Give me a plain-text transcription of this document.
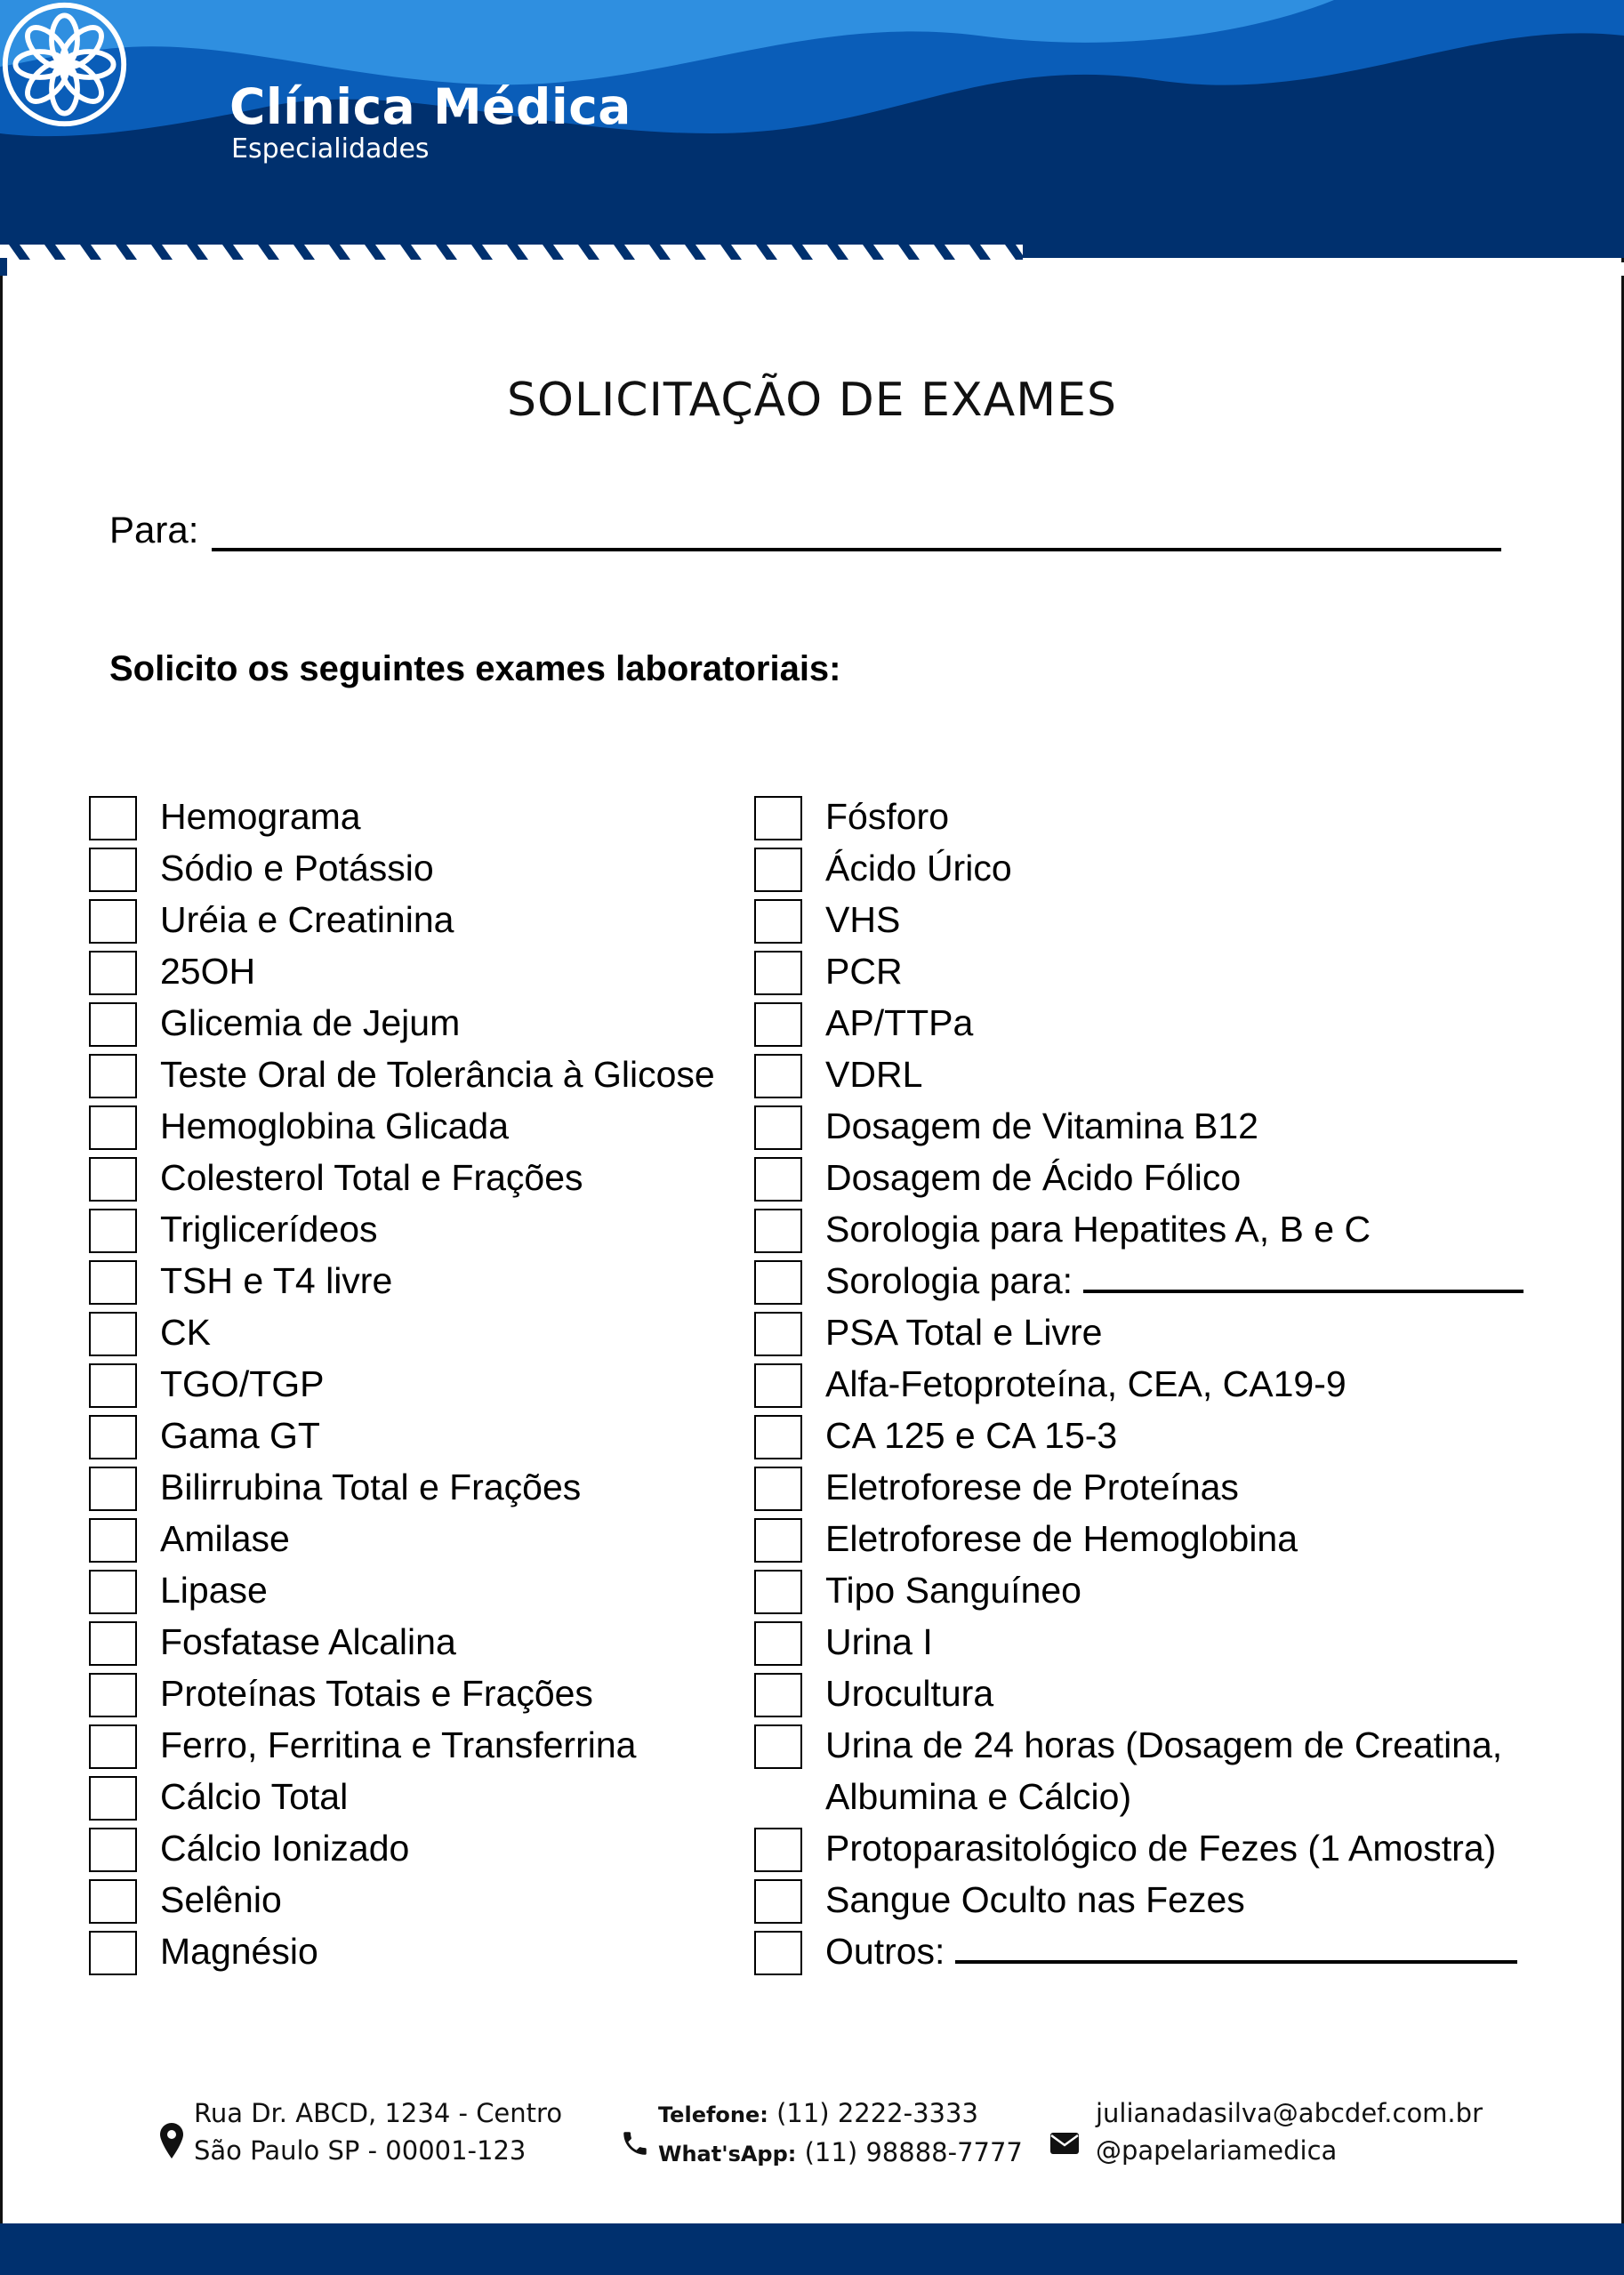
Clínica Médica
Especialidades
SOLICITAÇÃO DE EXAMES
Para:
Solicito os seguintes exames laboratoriais:
Hemograma
Sódio e Potássio
Uréia e Creatinina
25OH
Glicemia de Jejum
Teste Oral de Tolerância à Glicose
Hemoglobina Glicada
Colesterol Total e Frações
Triglicerídeos
TSH e T4 livre
CK
TGO/TGP
Gama GT
Bilirrubina Total e Frações
Amilase
Lipase
Fosfatase Alcalina
Proteínas Totais e Frações
Ferro, Ferritina e Transferrina
Cálcio Total
Cálcio Ionizado
Selênio
Magnésio
Fósforo
Ácido Úrico
VHS
PCR
AP/TTPa
VDRL
Dosagem de Vitamina B12
Dosagem de Ácido Fólico
Sorologia para Hepatites A, B e C
Sorologia para:
PSA Total e Livre
Alfa-Fetoproteína, CEA, CA19-9
CA 125 e CA 15-3
Eletroforese de Proteínas
Eletroforese de Hemoglobina
Tipo Sanguíneo
Urina I
Urocultura
Urina de 24 horas (Dosagem de Creatina,
Albumina e Cálcio)
Protoparasitológico de Fezes (1 Amostra)
Sangue Oculto nas Fezes
Outros:
Rua Dr. ABCD, 1234 - Centro
São Paulo SP - 00001-123
Telefone: (11) 2222-3333
What'sApp: (11) 98888-7777
julianadasilva@abcdef.com.br
@papelariamedica
